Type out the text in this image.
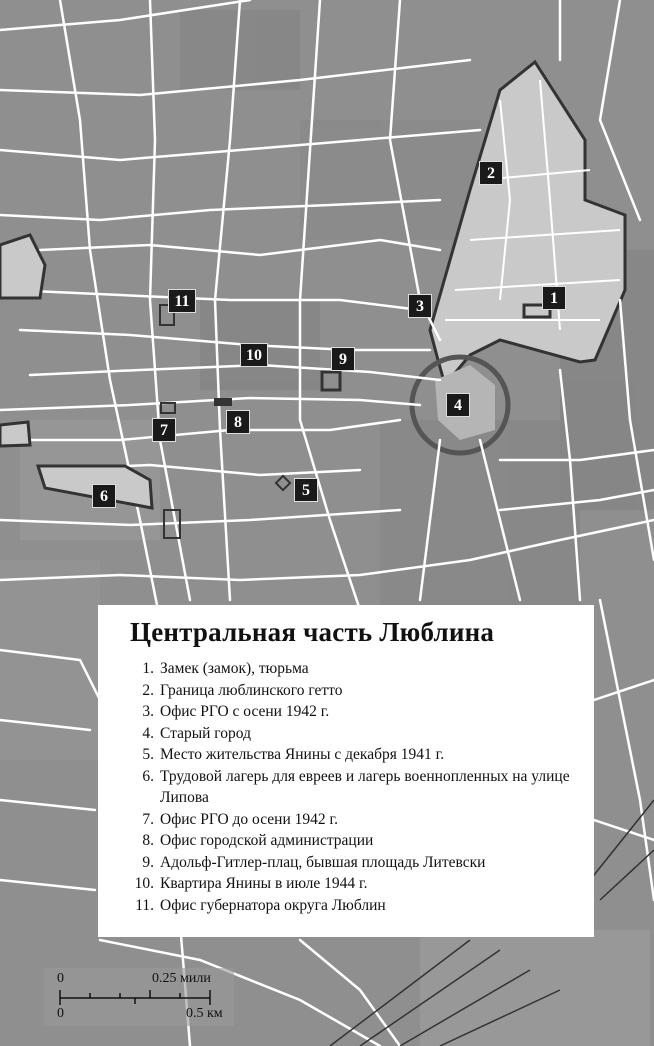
0	0.25 мили
0	0.5 км
1
2
3
4
5
6
7	8
9
10
11
Центральная часть Люблина
1. Замек (замок), тюрьма
2. Граница люблинского гетто
3. Офис РГО с осени 1942 г.
4. Старый город
5. Место жительства Янины с декабря 1941 г.
6. Трудовой лагерь для евреев и лагерь военнопленных на улице Липова
7. Офис РГО до осени 1942 г.
8. Офис городской администрации
9. Адольф-Гитлер-плац, бывшая площадь Литевски
10. Квартира Янины в июле 1944 г.
11. Офис губернатора округа Люблин
